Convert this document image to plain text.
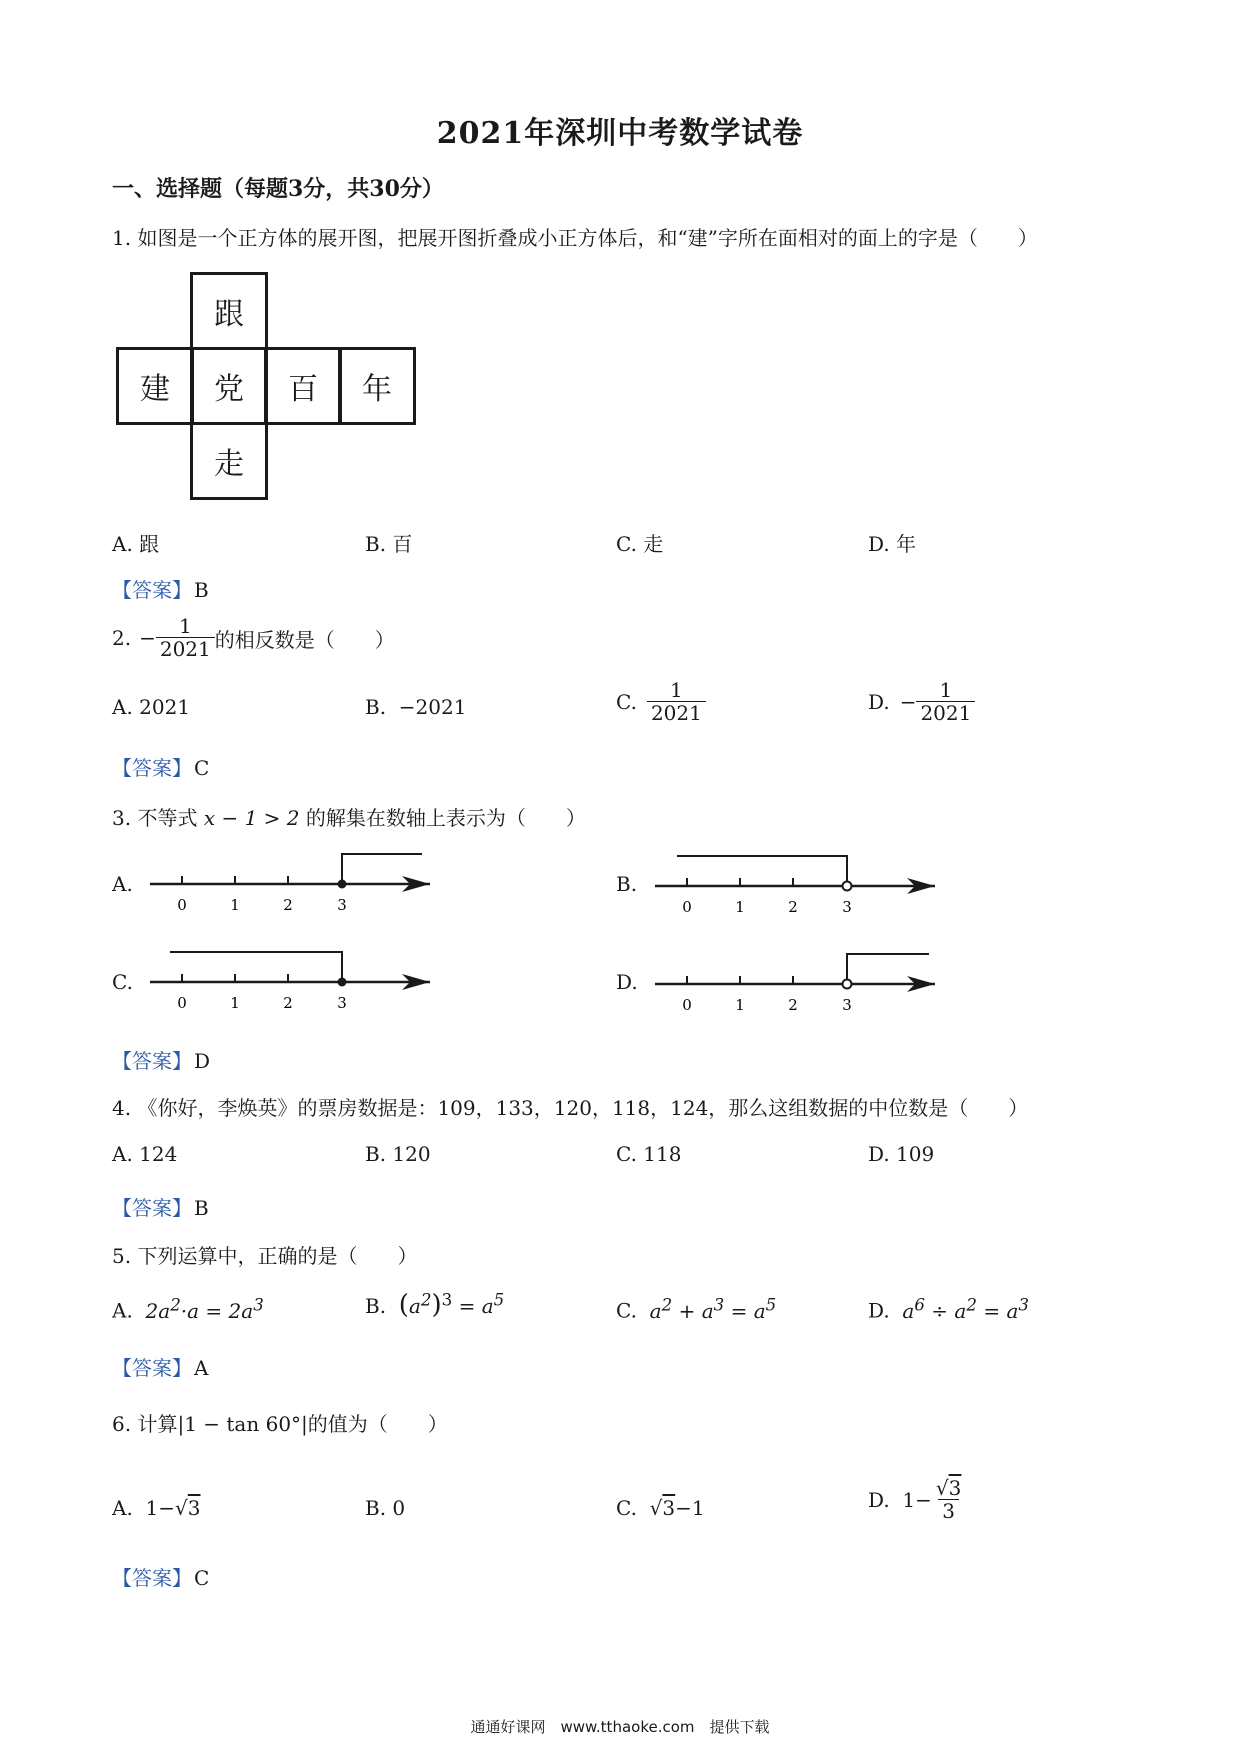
2021年深圳中考数学试卷
一、选择题（每题3分，共30分）
1. 如图是一个正方体的展开图，把展开图折叠成小正方体后，和“建”字所在面相对的面上的字是（　　）
跟
建	党	百	年
走
A. 跟	B. 百	C. 走	D. 年
【答案】 B
2. − $\frac{1}{2021}$ 的相反数是（　　）
A. 2021	B. −2021	C. $\frac{1}{2021}$	D. − $\frac{1}{2021}$
【答案】 C
3. 不等式 x − 1 > 2 的解集在数轴上表示为（　　）
A.	B.
C.	D.
0	1	2	3	0	1	2	3
0	1	2	3	0	1	2	3
【答案】 D
4. 《你好，李焕英》的票房数据是：109，133，120，118，124，那么这组数据的中位数是（　　）
A. 124	B. 120	C. 118	D. 109
【答案】 B
5. 下列运算中，正确的是（　　）
A. $2a^2\cdot a = 2a^3$	B. $(a^2)^3 = a^5$	C. $a^2 + a^3 = a^5$	D. $a^6 \div a^2 = a^3$
【答案】 A
6. 计算|1 − tan 60°|的值为（　　）
A. 1−√3	B. 0	C. √3−1	D.
$1- \frac{√3}{3}$
【答案】 C
通通好课网　www.tthaoke.com　提供下载
